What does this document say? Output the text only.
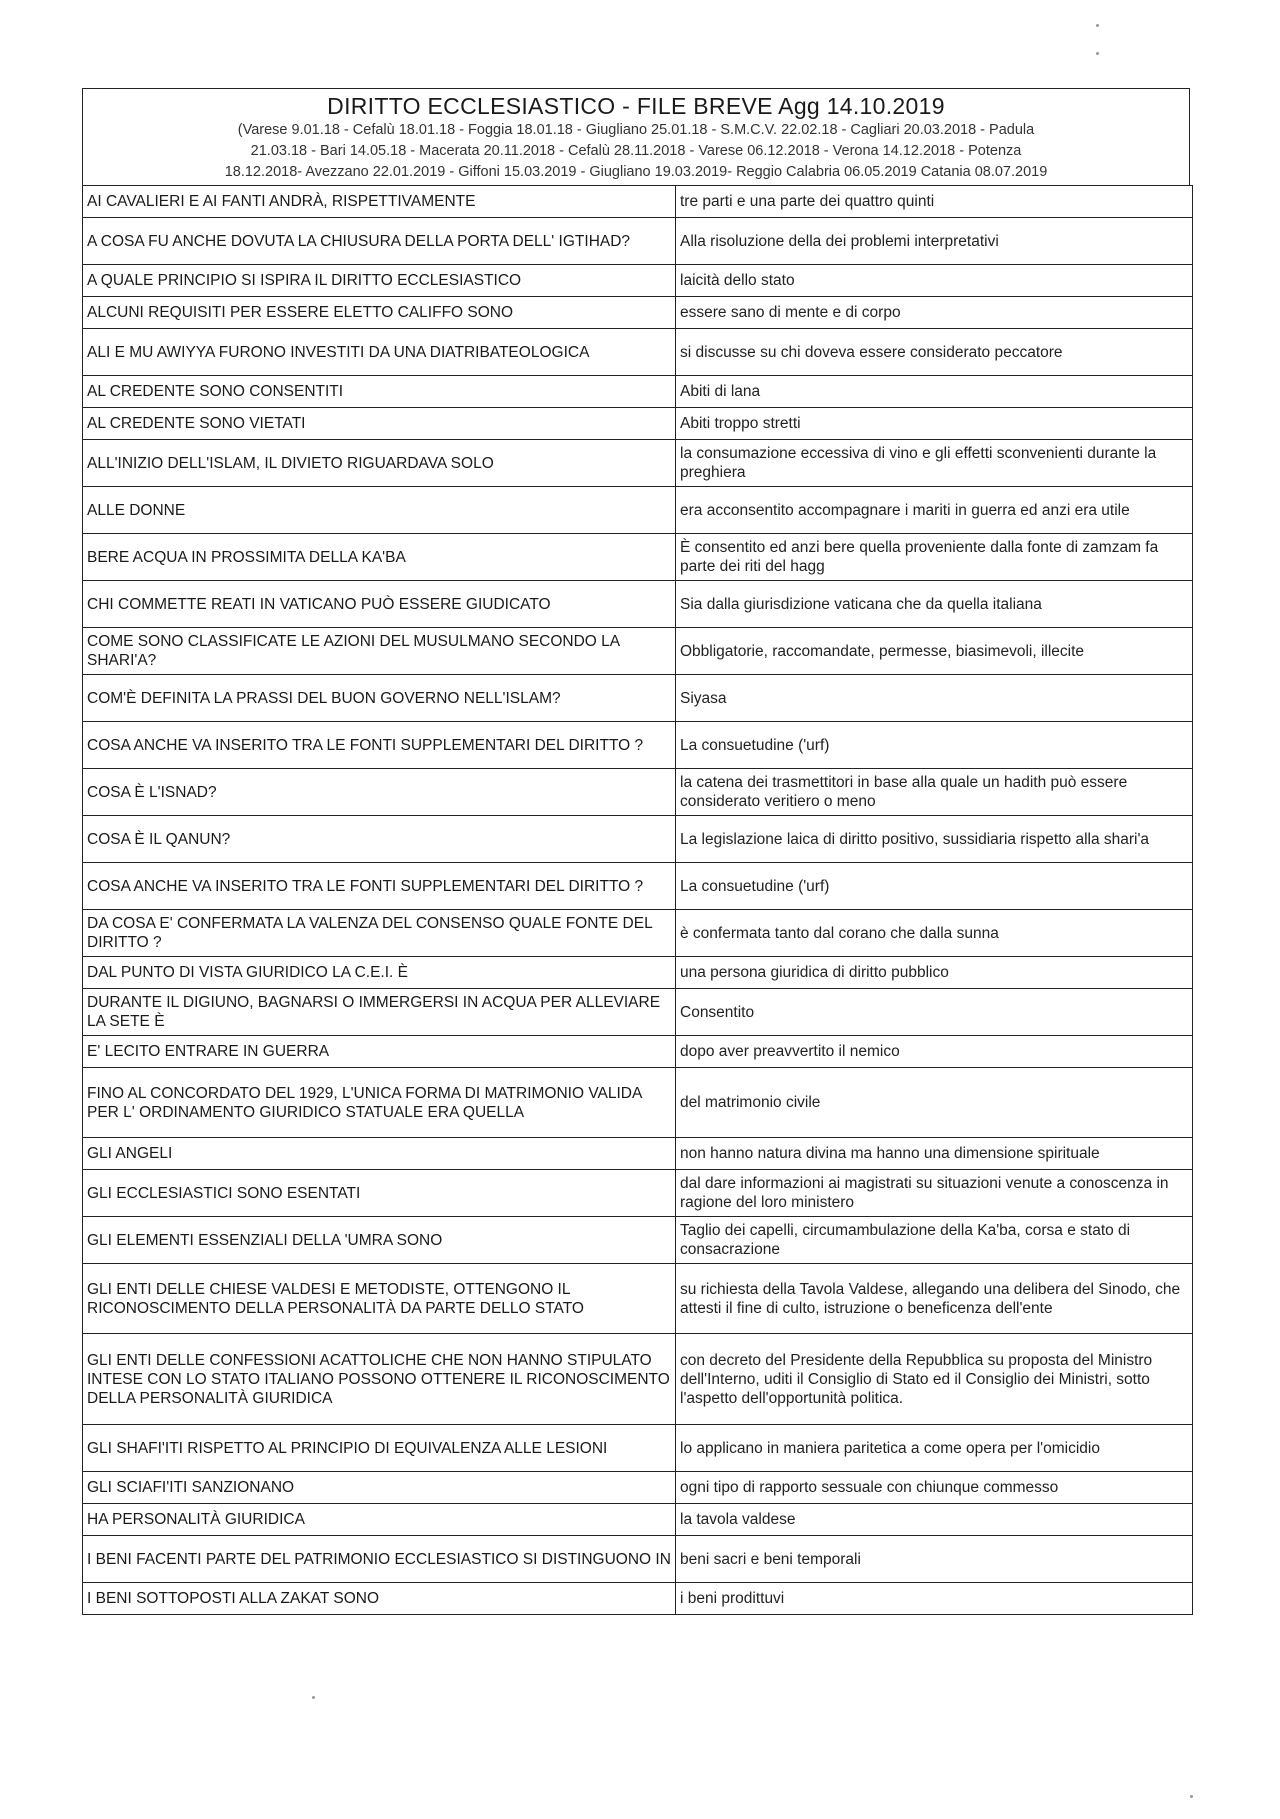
DIRITTO ECCLESIASTICO - FILE BREVE Agg 14.10.2019
(Varese 9.01.18 - Cefalù 18.01.18 - Foggia 18.01.18 - Giugliano 25.01.18 - S.M.C.V. 22.02.18 - Cagliari 20.03.2018 - Padula
21.03.18 - Bari 14.05.18 - Macerata 20.11.2018 - Cefalù 28.11.2018 - Varese 06.12.2018 - Verona 14.12.2018 - Potenza
18.12.2018- Avezzano 22.01.2019 - Giffoni 15.03.2019 - Giugliano 19.03.2019- Reggio Calabria 06.05.2019 Catania 08.07.2019
AI CAVALIERI E AI FANTI ANDRÀ, RISPETTIVAMENTE	tre parti e una parte dei quattro quinti
A COSA FU ANCHE DOVUTA LA CHIUSURA DELLA PORTA DELL' IGTIHAD?	Alla risoluzione della dei problemi interpretativi
A QUALE PRINCIPIO SI ISPIRA IL DIRITTO ECCLESIASTICO	laicità dello stato
ALCUNI REQUISITI PER ESSERE ELETTO CALIFFO SONO	essere sano di mente e di corpo
ALI E MU AWIYYA FURONO INVESTITI DA UNA DIATRIBATEOLOGICA	si discusse su chi doveva essere considerato peccatore
AL CREDENTE SONO CONSENTITI	Abiti di lana
AL CREDENTE SONO VIETATI	Abiti troppo stretti
ALL'INIZIO DELL'ISLAM, IL DIVIETO RIGUARDAVA SOLO	la consumazione eccessiva di vino e gli effetti sconvenienti durante la preghiera
ALLE DONNE	era acconsentito accompagnare i mariti in guerra ed anzi era utile
BERE ACQUA IN PROSSIMITA DELLA KA'BA	È consentito ed anzi bere quella proveniente dalla fonte di zamzam fa parte dei riti del hagg
CHI COMMETTE REATI IN VATICANO PUÒ ESSERE GIUDICATO	Sia dalla giurisdizione vaticana che da quella italiana
COME SONO CLASSIFICATE LE AZIONI DEL MUSULMANO SECONDO LA SHARI'A?	Obbligatorie, raccomandate, permesse, biasimevoli, illecite
COM'È DEFINITA LA PRASSI DEL BUON GOVERNO NELL'ISLAM?	Siyasa
COSA ANCHE VA INSERITO TRA LE FONTI SUPPLEMENTARI DEL DIRITTO ?	La consuetudine ('urf)
COSA È L'ISNAD?	la catena dei trasmettitori in base alla quale un hadith può essere considerato veritiero o meno
COSA È IL QANUN?	La legislazione laica di diritto positivo, sussidiaria rispetto alla shari'a
COSA ANCHE VA INSERITO TRA LE FONTI SUPPLEMENTARI DEL DIRITTO ?	La consuetudine ('urf)
DA COSA E' CONFERMATA LA VALENZA DEL CONSENSO QUALE FONTE DEL DIRITTO ?	è confermata tanto dal corano che dalla sunna
DAL PUNTO DI VISTA GIURIDICO LA C.E.I. È	una persona giuridica di diritto pubblico
DURANTE IL DIGIUNO, BAGNARSI O IMMERGERSI IN ACQUA PER ALLEVIARE LA SETE È	Consentito
E' LECITO ENTRARE IN GUERRA	dopo aver preavvertito il nemico
FINO AL CONCORDATO DEL 1929, L'UNICA FORMA DI MATRIMONIO VALIDA PER L' ORDINAMENTO GIURIDICO STATUALE ERA QUELLA	del matrimonio civile
GLI ANGELI	non hanno natura divina ma hanno una dimensione spirituale
GLI ECCLESIASTICI SONO ESENTATI	dal dare informazioni ai magistrati su situazioni venute a conoscenza in ragione del loro ministero
GLI ELEMENTI ESSENZIALI DELLA 'UMRA SONO	Taglio dei capelli, circumambulazione della Ka'ba, corsa e stato di consacrazione
GLI ENTI DELLE CHIESE VALDESI E METODISTE, OTTENGONO IL RICONOSCIMENTO DELLA PERSONALITÀ DA PARTE DELLO STATO	su richiesta della Tavola Valdese, allegando una delibera del Sinodo, che attesti il fine di culto, istruzione o beneficenza dell'ente
GLI ENTI DELLE CONFESSIONI ACATTOLICHE CHE NON HANNO STIPULATO INTESE CON LO STATO ITALIANO POSSONO OTTENERE IL RICONOSCIMENTO DELLA PERSONALITÀ GIURIDICA	con decreto del Presidente della Repubblica su proposta del Ministro dell'Interno, uditi il Consiglio di Stato ed il Consiglio dei Ministri, sotto l'aspetto dell'opportunità politica.
GLI SHAFI'ITI RISPETTO AL PRINCIPIO DI EQUIVALENZA ALLE LESIONI	lo applicano in maniera paritetica a come opera per l'omicidio
GLI SCIAFI'ITI SANZIONANO	ogni tipo di rapporto sessuale con chiunque commesso
HA PERSONALITÀ GIURIDICA	la tavola valdese
I BENI FACENTI PARTE DEL PATRIMONIO ECCLESIASTICO SI DISTINGUONO IN	beni sacri e beni temporali
I BENI SOTTOPOSTI ALLA ZAKAT SONO	i beni prodittuvi
